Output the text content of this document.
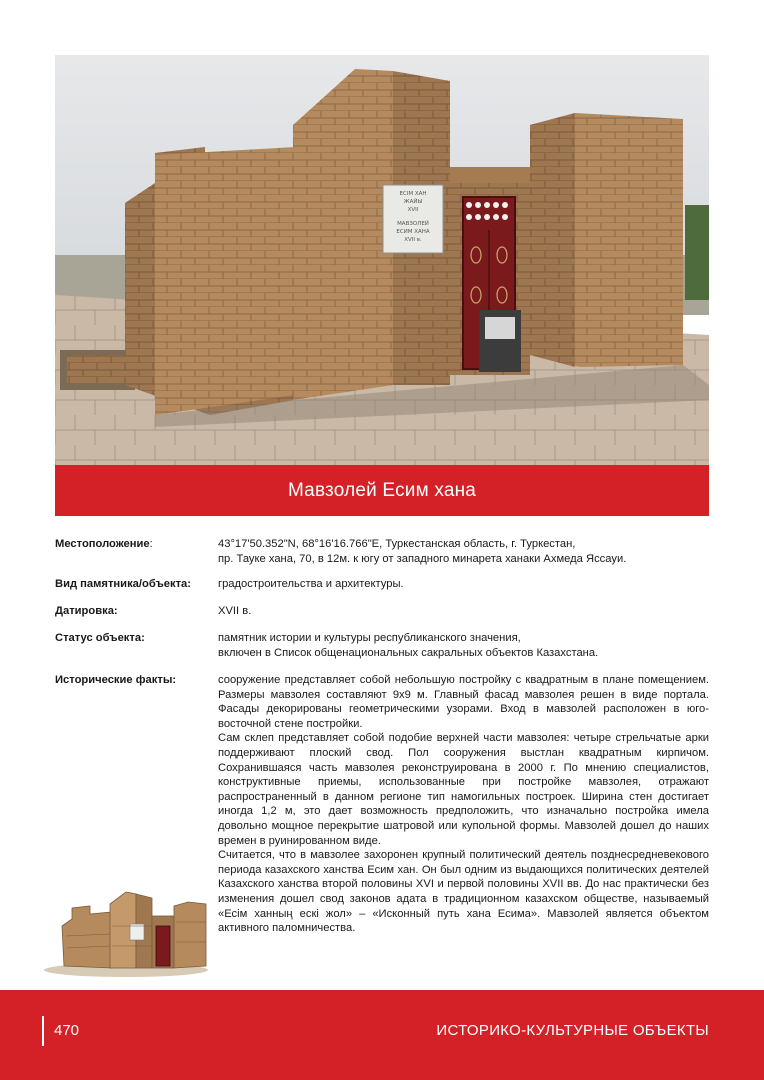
ЕСІМ ХАН
ЖАЙЫ
XVII
МАВЗОЛЕЙ
ЕСИМ ХАНА
XVII в.
Мавзолей Есим хана
Местоположение:	43°17'50.352"N, 68°16'16.766"E, Туркестанская область, г. Туркестан,

пр. Тауке хана, 70, в 12м. к югу от западного минарета ханаки Ахмеда Яссауи.

Вид памятника/объекта:	градостроительства и архитектуры.

Датировка:	XVII в.

Статус объекта:	памятник истории и культуры республиканского значения,

включен в Список общенациональных сакральных объектов Казахстана.

Исторические факты:	сооружение представляет собой небольшую постройку с квадратным в плане помещением. Размеры мавзолея составляют 9х9 м. Главный фасад мавзолея решен в виде портала. Фасады декорированы геометрическими узорами. Вход в мавзолей расположен в юго-восточной стене постройки.

Сам склеп представляет собой подобие верхней части мавзолея: четыре стрельчатые арки поддерживают плоский свод. Пол сооружения выстлан квадратным кирпичом. Сохранившаяся часть мавзолея реконструирована в 2000 г. По мнению специалистов, конструктивные приемы, использованные при постройке мавзолея, отражают распространенный в данном регионе тип намогильных построек. Ширина стен достигает иногда 1,2 м, это дает возможность предположить, что изначально постройка имела довольно мощное перекрытие шатровой или купольной формы. Мавзолей дошел до наших времен в руинированном виде.

Считается, что в мавзолее захоронен крупный политический деятель позднесредневекового периода казахского ханства Есим хан. Он был одним из выдающихся политических деятелей Казахского ханства второй половины XVI и первой половины XVII вв. До нас практически без изменения дошел свод законов адата в традиционном казахском обществе, называемый «Есім ханның ескі жол» – «Исконный путь хана Есима». Мавзолей является объектом активного паломничества.

470	ИСТОРИКО-КУЛЬТУРНЫЕ ОБЪЕКТЫ
